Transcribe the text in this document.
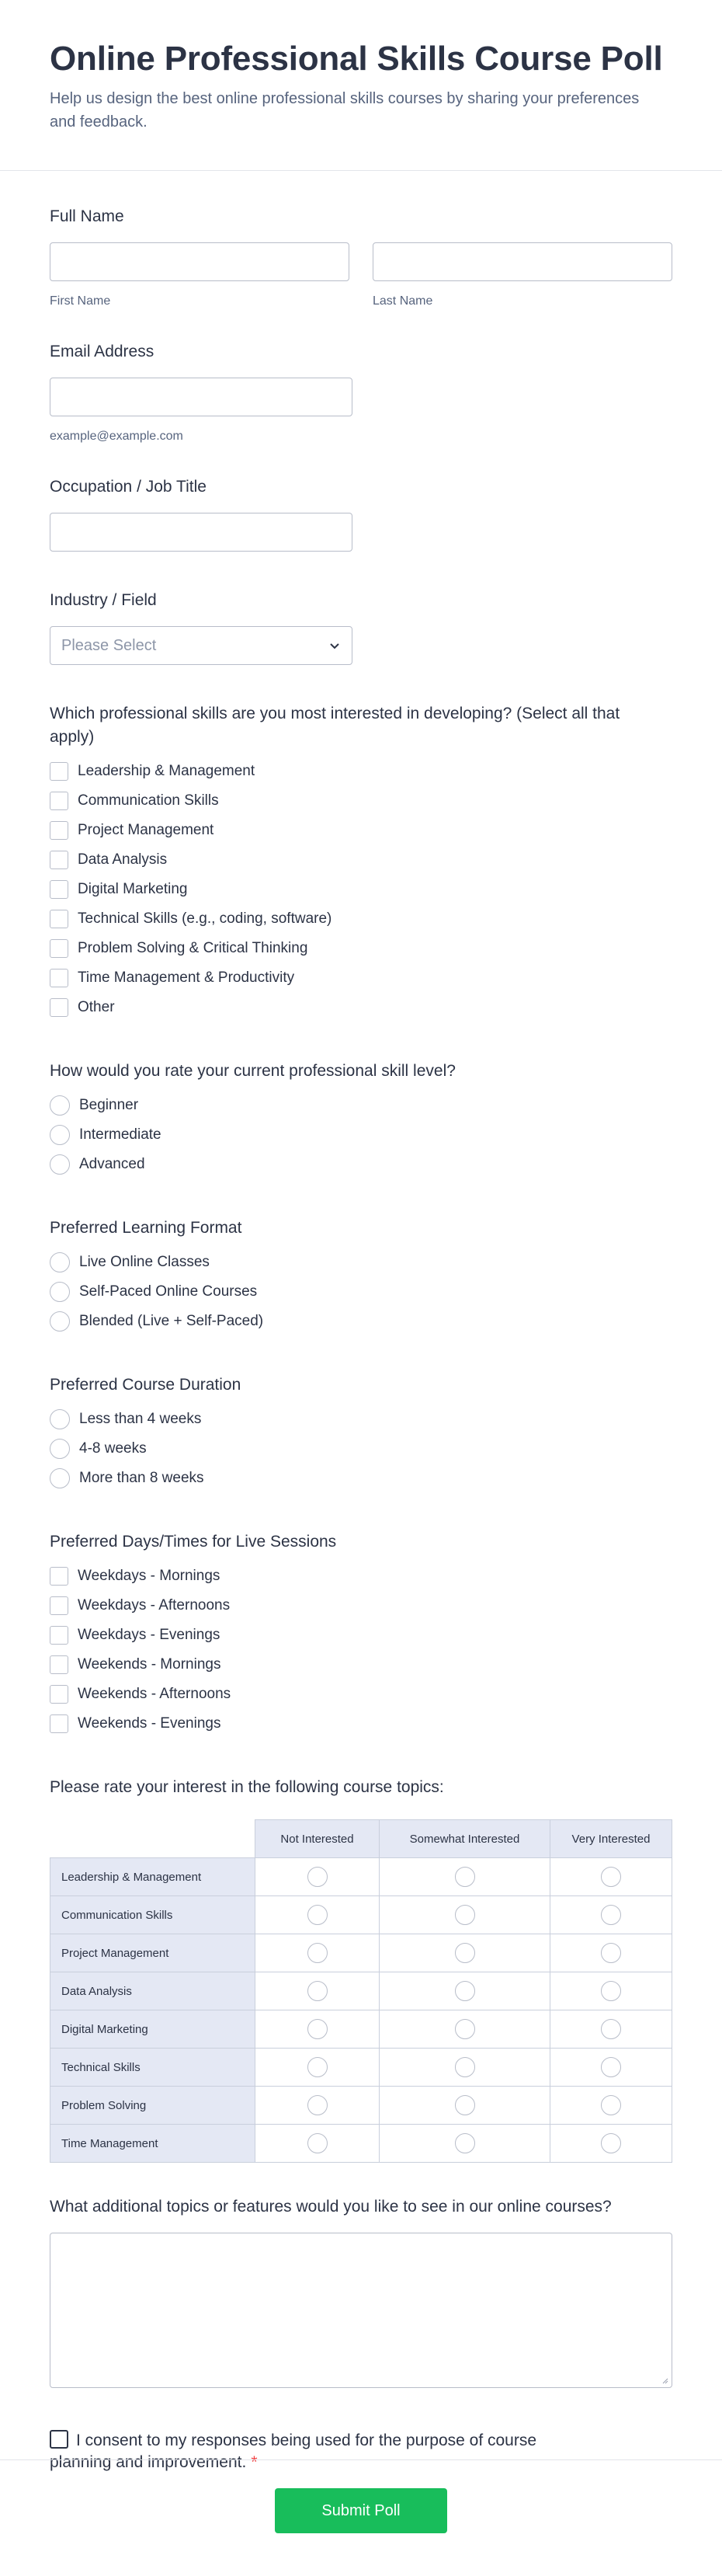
Online Professional Skills Course Poll

Help us design the best online professional skills courses by sharing your preferences and feedback.

Full Name
First Name	Last Name
Email Address
example@example.com
Occupation / Job Title
Industry / Field
Please Select
Which professional skills are you most interested in developing? (Select all that apply)
Leadership & Management
Communication Skills
Project Management
Data Analysis
Digital Marketing
Technical Skills (e.g., coding, software)
Problem Solving & Critical Thinking
Time Management & Productivity
Other
How would you rate your current professional skill level?
Beginner
Intermediate
Advanced
Preferred Learning Format
Live Online Classes
Self-Paced Online Courses
Blended (Live + Self-Paced)
Preferred Course Duration
Less than 4 weeks
4-8 weeks
More than 8 weeks
Preferred Days/Times for Live Sessions
Weekdays - Mornings
Weekdays - Afternoons
Weekdays - Evenings
Weekends - Mornings
Weekends - Afternoons
Weekends - Evenings
Please rate your interest in the following course topics:
	Not Interested	Somewhat Interested	Very Interested
Leadership & Management			
Communication Skills			
Project Management			
Data Analysis			
Digital Marketing			
Technical Skills			
Problem Solving			
Time Management			
What additional topics or features would you like to see in our online courses?
I consent to my responses being used for the purpose of course planning and improvement. *
Submit Poll
